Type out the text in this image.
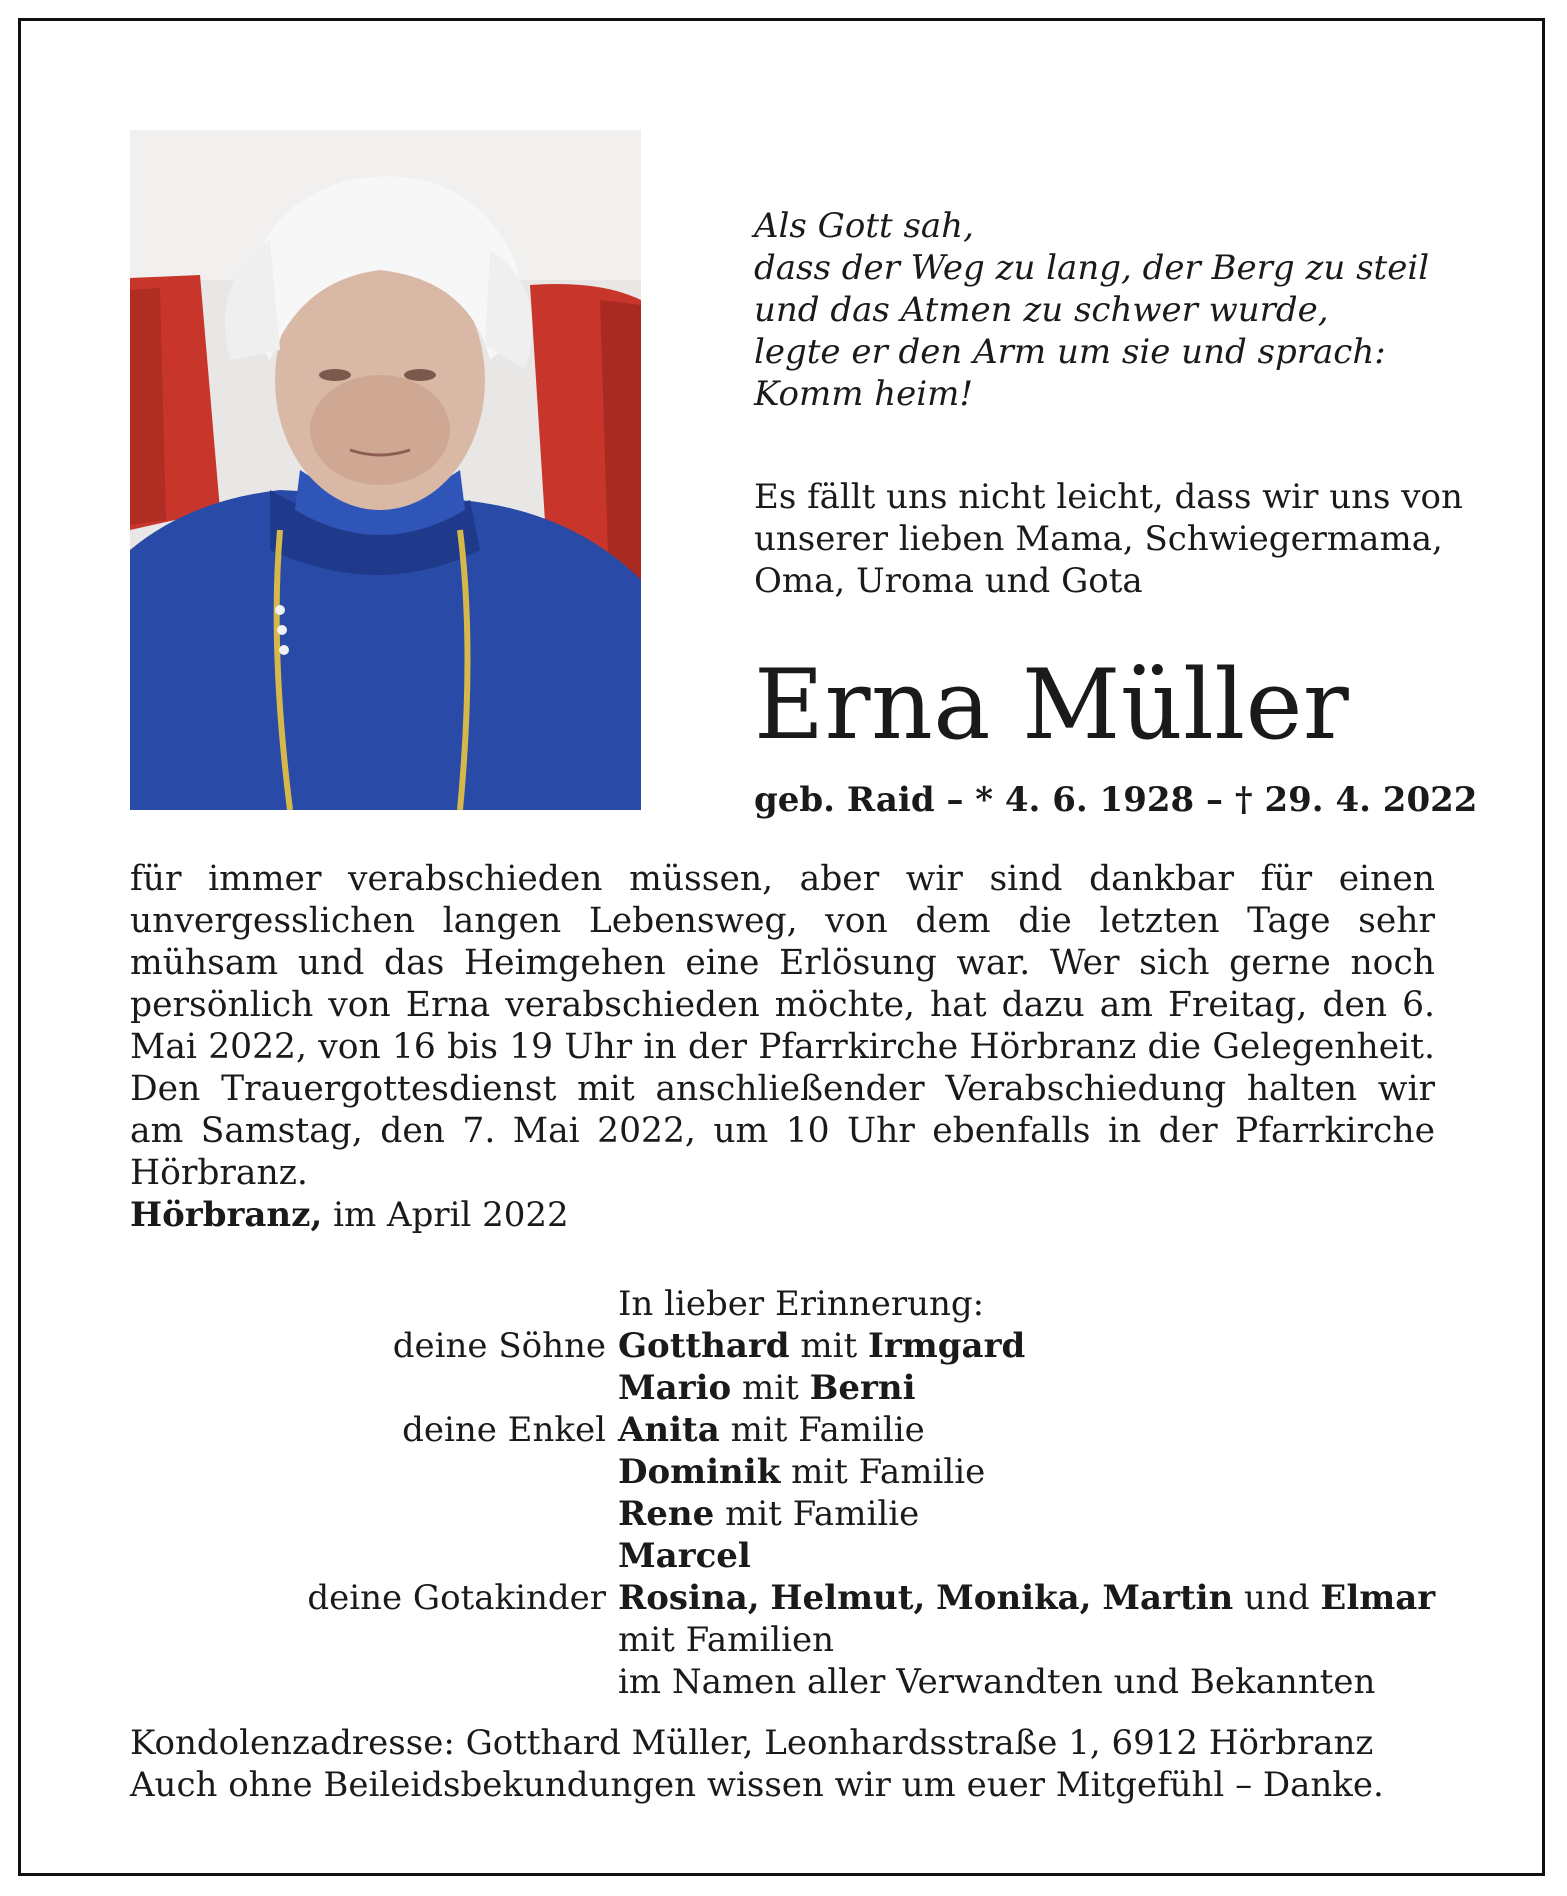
Als Gott sah,
dass der Weg zu lang, der Berg zu steil
und das Atmen zu schwer wurde,
legte er den Arm um sie und sprach:
Komm heim!
Es fällt uns nicht leicht, dass wir uns von unserer lieben Mama, Schwiegermama, Oma, Uroma und Gota
Erna Müller
geb. Raid – * 4. 6. 1928 – † 29. 4. 2022
für immer verabschieden müssen, aber wir sind dankbar für einen unvergesslichen langen Lebensweg, von dem die letzten Tage sehr mühsam und das Heimgehen eine Erlösung war. Wer sich gerne noch persönlich von Erna verabschieden möchte, hat dazu am Freitag, den 6. Mai 2022, von 16 bis 19 Uhr in der Pfarrkirche Hörbranz die Gelegenheit. Den Trauergottesdienst mit anschließender Verabschiedung halten wir am Samstag, den 7. Mai 2022, um 10 Uhr ebenfalls in der Pfarrkirche Hörbranz.
Hörbranz, im April 2022
In lieber Erinnerung:
deine Söhne Gotthard mit Irmgard
Mario mit Berni
deine Enkel Anita mit Familie
Dominik mit Familie
Rene mit Familie
Marcel
deine Gotakinder Rosina, Helmut, Monika, Martin und Elmar
mit Familien
im Namen aller Verwandten und Bekannten
Kondolenzadresse: Gotthard Müller, Leonhardsstraße 1, 6912 Hörbranz
Auch ohne Beileidsbekundungen wissen wir um euer Mitgefühl – Danke.
